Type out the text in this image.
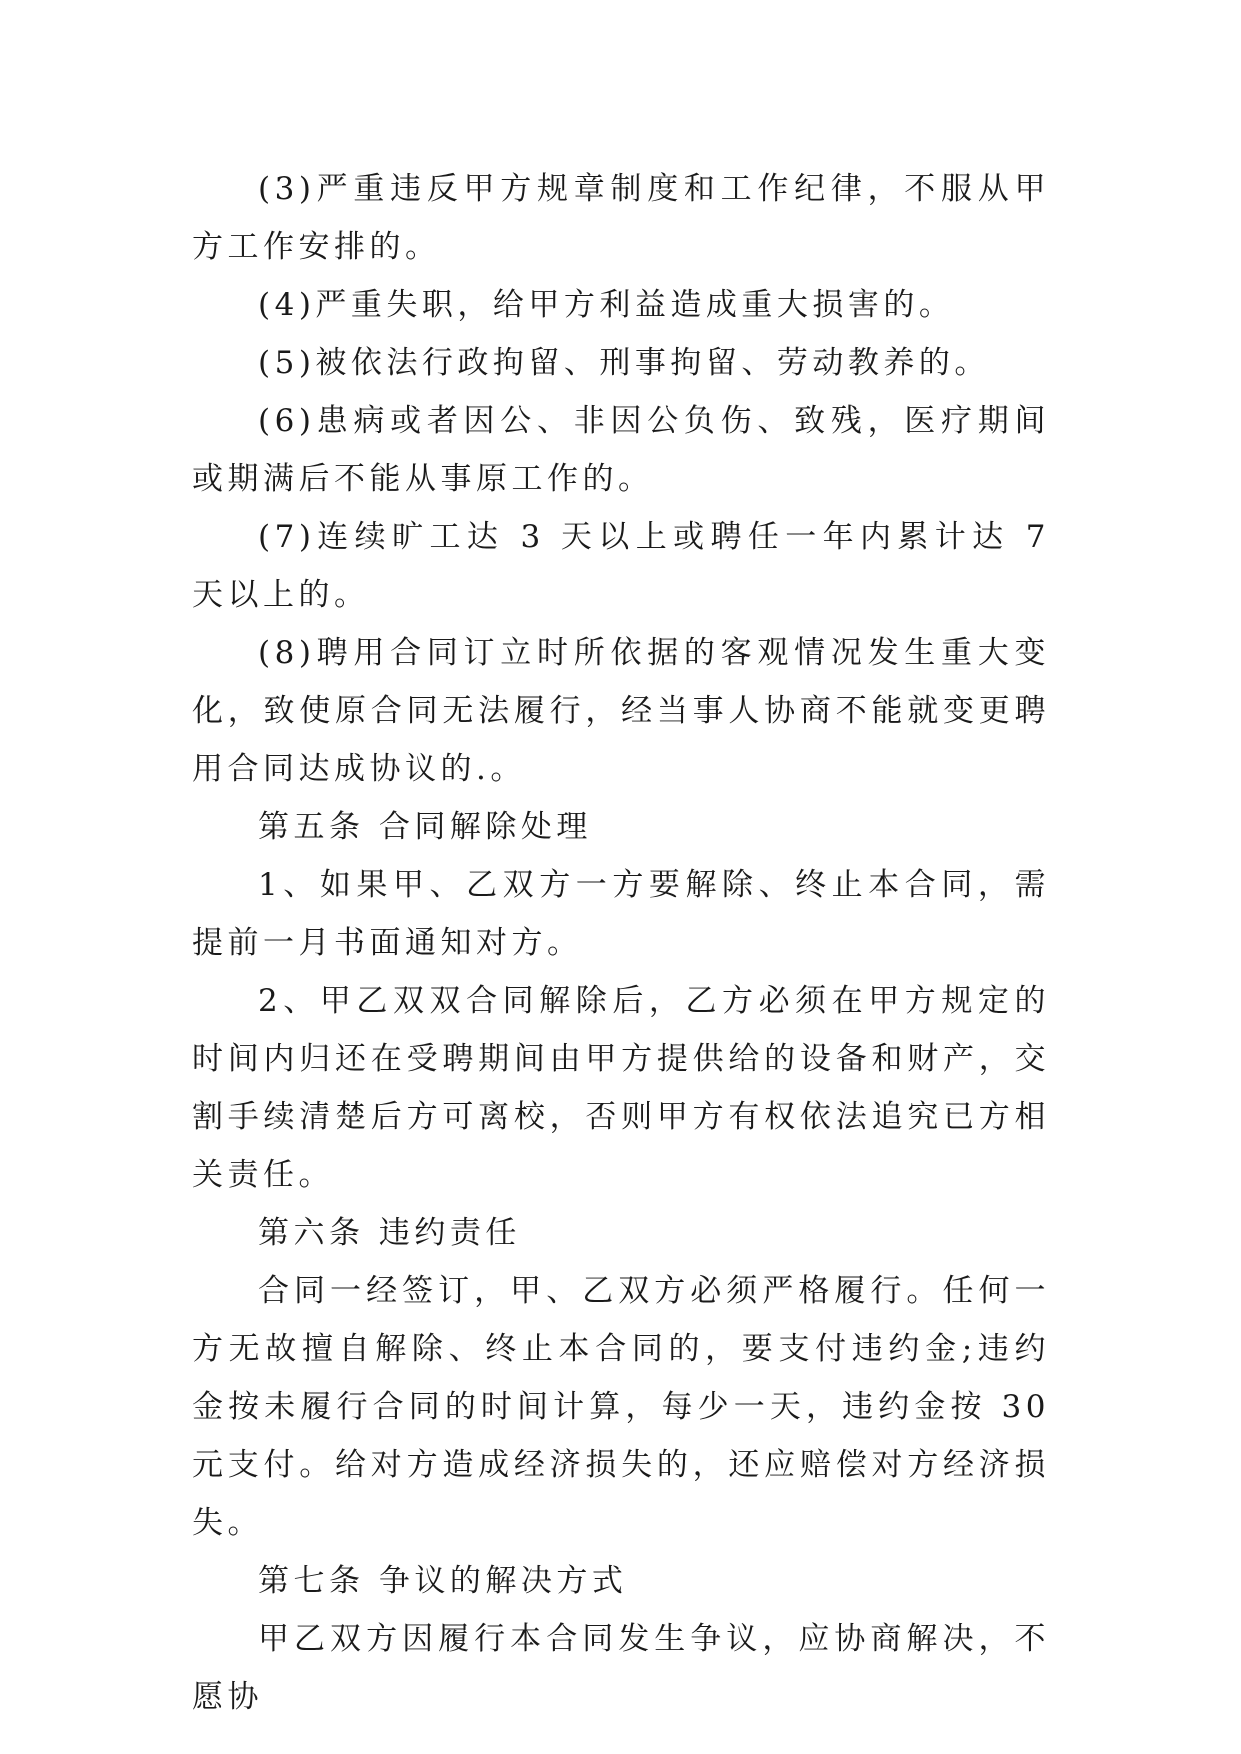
(3)严重违反甲方规章制度和工作纪律，不服从甲方工作安排的。

(4)严重失职，给甲方利益造成重大损害的。

(5)被依法行政拘留、刑事拘留、劳动教养的。

(6)患病或者因公、非因公负伤、致残，医疗期间或期满后不能从事原工作的。

(7)连续旷工达 3 天以上或聘任一年内累计达 7 天以上的。

(8)聘用合同订立时所依据的客观情况发生重大变化，致使原合同无法履行，经当事人协商不能就变更聘用合同达成协议的.。

第五条 合同解除处理

1、如果甲、乙双方一方要解除、终止本合同，需提前一月书面通知对方。

2、甲乙双双合同解除后，乙方必须在甲方规定的时间内归还在受聘期间由甲方提供给的设备和财产，交割手续清楚后方可离校，否则甲方有权依法追究已方相关责任。

第六条 违约责任

合同一经签订，甲、乙双方必须严格履行。任何一方无故擅自解除、终止本合同的，要支付违约金;违约金按未履行合同的时间计算，每少一天，违约金按 30 元支付。给对方造成经济损失的，还应赔偿对方经济损失。

第七条 争议的解决方式

甲乙双方因履行本合同发生争议，应协商解决，不愿协
